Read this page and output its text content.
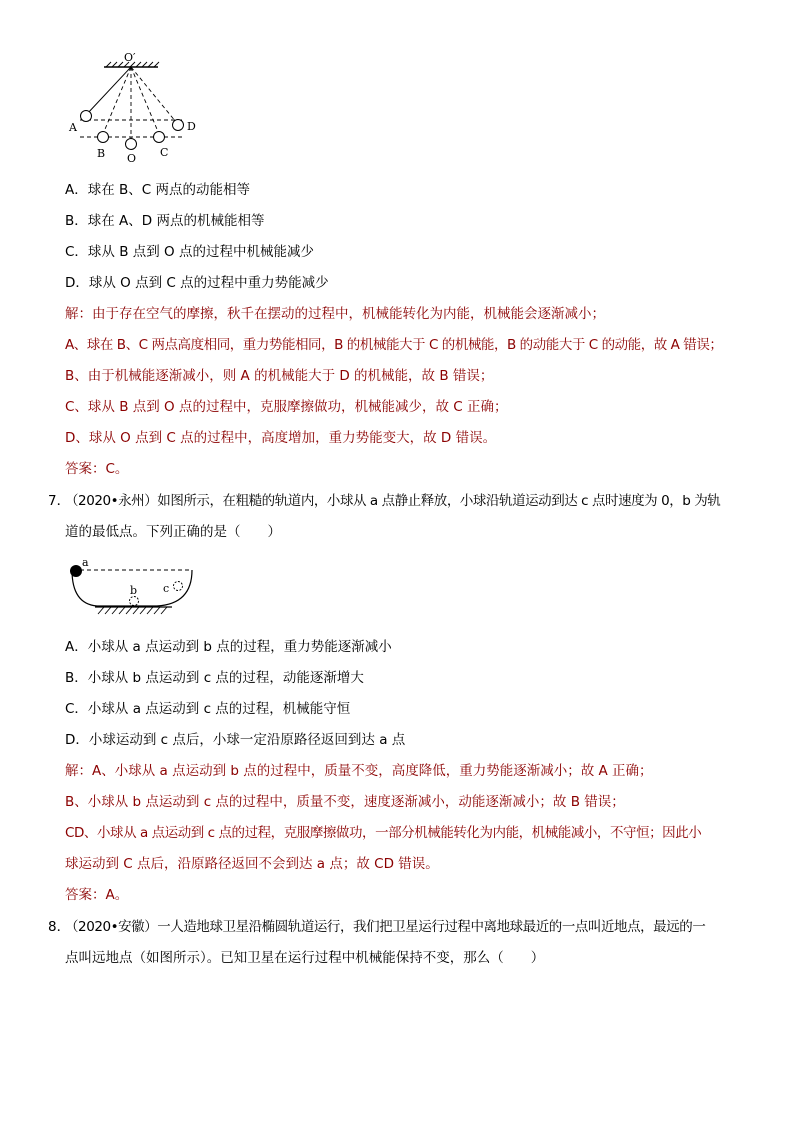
O′
A
B O C
D
A．球在 B、C 两点的动能相等
B．球在 A、D 两点的机械能相等
C．球从 B 点到 O 点的过程中机械能减少
D．球从 O 点到 C 点的过程中重力势能减少
解：由于存在空气的摩擦，秋千在摆动的过程中，机械能转化为内能，机械能会逐渐减小；
A、球在 B、C 两点高度相同，重力势能相同，B 的机械能大于 C 的机械能，B 的动能大于 C 的动能，故 A 错误；
B、由于机械能逐渐减小，则 A 的机械能大于 D 的机械能，故 B 错误；
C、球从 B 点到 O 点的过程中，克服摩擦做功，机械能减少，故 C 正确；
D、球从 O 点到 C 点的过程中，高度增加，重力势能变大，故 D 错误。
答案：C。
7．
（2020•永州）如图所示，在粗糙的轨道内，小球从 a 点静止释放，小球沿轨道运动到达 c 点时速度为 0，b 为轨
道的最低点。下列正确的是（　　）
a
b c
A．小球从 a 点运动到 b 点的过程，重力势能逐渐减小
B．小球从 b 点运动到 c 点的过程，动能逐渐增大
C．小球从 a 点运动到 c 点的过程，机械能守恒
D．小球运动到 c 点后，小球一定沿原路径返回到达 a 点
解：A、小球从 a 点运动到 b 点的过程中，质量不变，高度降低，重力势能逐渐减小；故 A 正确；
B、小球从 b 点运动到 c 点的过程中，质量不变，速度逐渐减小，动能逐渐减小；故 B 错误；
CD、小球从 a 点运动到 c 点的过程，克服摩擦做功，一部分机械能转化为内能，机械能减小，不守恒；因此小
球运动到 C 点后，沿原路径返回不会到达 a 点；故 CD 错误。
答案：A。
8．
（2020•安徽）一人造地球卫星沿椭圆轨道运行，我们把卫星运行过程中离地球最近的一点叫近地点，最远的一
点叫远地点（如图所示）。已知卫星在运行过程中机械能保持不变，那么（　　）
